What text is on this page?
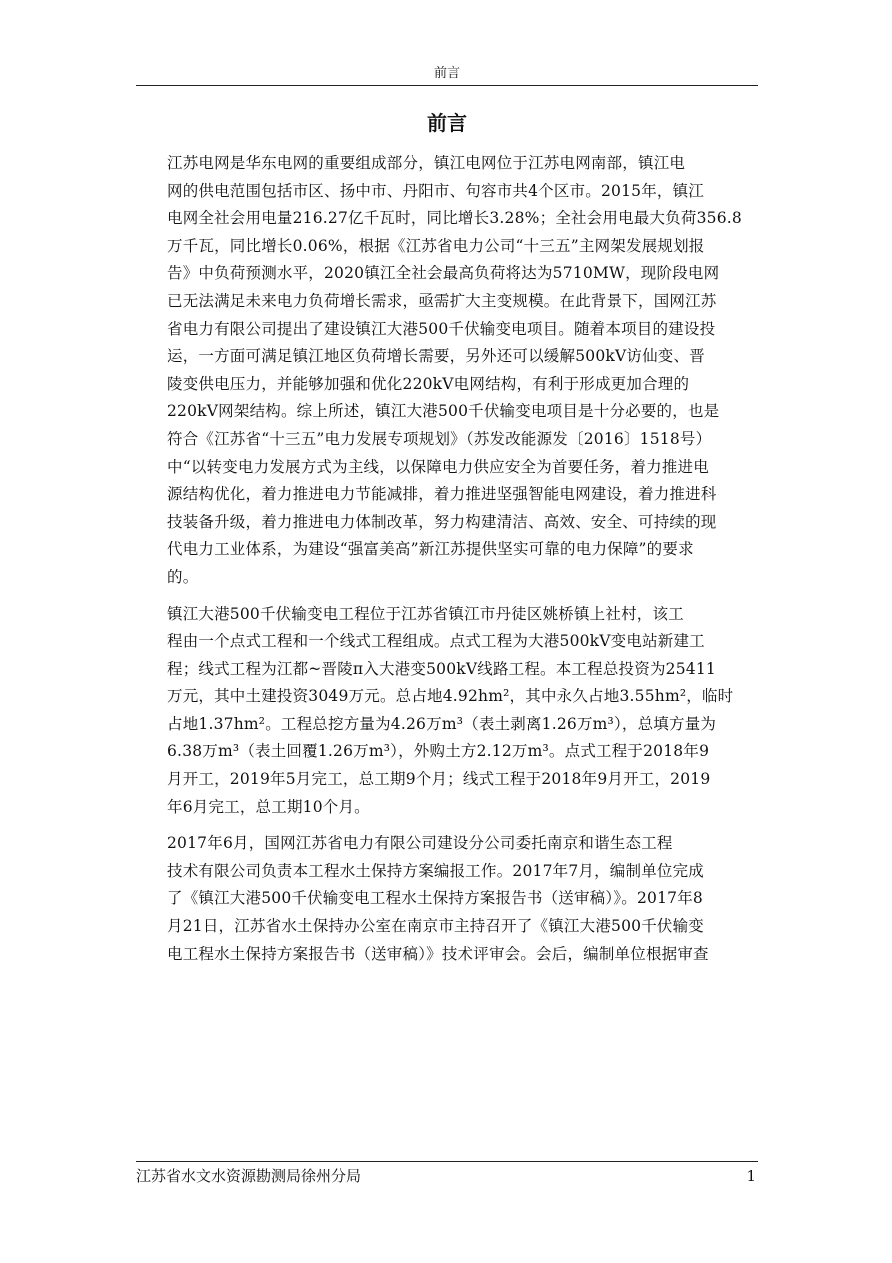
前言
前言

江苏电网是华东电网的重要组成部分，镇江电网位于江苏电网南部，镇江电
网的供电范围包括市区、扬中市、丹阳市、句容市共4个区市。2015年，镇江
电网全社会用电量216.27亿千瓦时，同比增长3.28%；全社会用电最大负荷356.8
万千瓦，同比增长0.06%，根据《江苏省电力公司“十三五”主网架发展规划报
告》中负荷预测水平，2020镇江全社会最高负荷将达为5710MW，现阶段电网
已无法满足未来电力负荷增长需求，亟需扩大主变规模。在此背景下，国网江苏
省电力有限公司提出了建设镇江大港500千伏输变电项目。随着本项目的建设投
运，一方面可满足镇江地区负荷增长需要，另外还可以缓解500kV访仙变、晋
陵变供电压力，并能够加强和优化220kV电网结构，有利于形成更加合理的
220kV网架结构。综上所述，镇江大港500千伏输变电项目是十分必要的，也是
符合《江苏省“十三五”电力发展专项规划》（苏发改能源发〔2016〕1518号）
中“以转变电力发展方式为主线，以保障电力供应安全为首要任务，着力推进电
源结构优化，着力推进电力节能减排，着力推进坚强智能电网建设，着力推进科
技装备升级，着力推进电力体制改革，努力构建清洁、高效、安全、可持续的现
代电力工业体系，为建设“强富美高”新江苏提供坚实可靠的电力保障”的要求
的。

镇江大港500千伏输变电工程位于江苏省镇江市丹徒区姚桥镇上社村，该工
程由一个点式工程和一个线式工程组成。点式工程为大港500kV变电站新建工
程；线式工程为江都~晋陵π入大港变500kV线路工程。本工程总投资为25411
万元，其中土建投资3049万元。总占地4.92hm²，其中永久占地3.55hm²，临时
占地1.37hm²。工程总挖方量为4.26万m³（表土剥离1.26万m³），总填方量为
6.38万m³（表土回覆1.26万m³），外购土方2.12万m³。点式工程于2018年9
月开工，2019年5月完工，总工期9个月；线式工程于2018年9月开工，2019
年6月完工，总工期10个月。

2017年6月，国网江苏省电力有限公司建设分公司委托南京和谐生态工程
技术有限公司负责本工程水土保持方案编报工作。2017年7月，编制单位完成
了《镇江大港500千伏输变电工程水土保持方案报告书（送审稿）》。2017年8
月21日，江苏省水土保持办公室在南京市主持召开了《镇江大港500千伏输变
电工程水土保持方案报告书（送审稿）》技术评审会。会后，编制单位根据审查

江苏省水文水资源勘测局徐州分局	1
